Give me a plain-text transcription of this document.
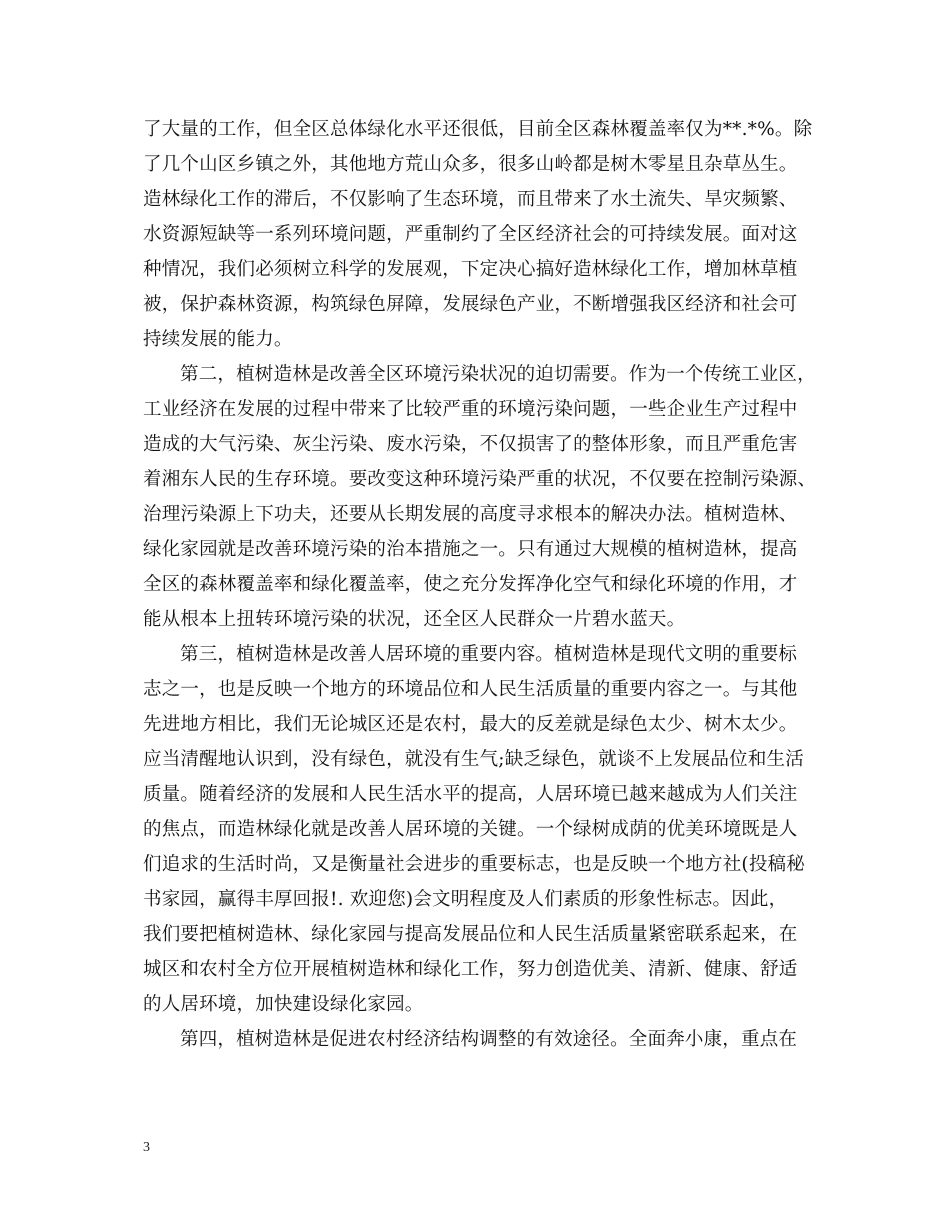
了大量的工作，但全区总体绿化水平还很低，目前全区森林覆盖率仅为**.*%。除
了几个山区乡镇之外，其他地方荒山众多，很多山岭都是树木零星且杂草丛生。
造林绿化工作的滞后，不仅影响了生态环境，而且带来了水土流失、旱灾频繁、
水资源短缺等一系列环境问题，严重制约了全区经济社会的可持续发展。面对这
种情况，我们必须树立科学的发展观，下定决心搞好造林绿化工作，增加林草植
被，保护森林资源，构筑绿色屏障，发展绿色产业，不断增强我区经济和社会可
持续发展的能力。
第二，植树造林是改善全区环境污染状况的迫切需要。作为一个传统工业区，
工业经济在发展的过程中带来了比较严重的环境污染问题，一些企业生产过程中
造成的大气污染、灰尘污染、废水污染，不仅损害了的整体形象，而且严重危害
着湘东人民的生存环境。要改变这种环境污染严重的状况，不仅要在控制污染源、
治理污染源上下功夫，还要从长期发展的高度寻求根本的解决办法。植树造林、
绿化家园就是改善环境污染的治本措施之一。只有通过大规模的植树造林，提高
全区的森林覆盖率和绿化覆盖率，使之充分发挥净化空气和绿化环境的作用，才
能从根本上扭转环境污染的状况，还全区人民群众一片碧水蓝天。
第三，植树造林是改善人居环境的重要内容。植树造林是现代文明的重要标
志之一，也是反映一个地方的环境品位和人民生活质量的重要内容之一。与其他
先进地方相比，我们无论城区还是农村，最大的反差就是绿色太少、树木太少。
应当清醒地认识到，没有绿色，就没有生气;缺乏绿色，就谈不上发展品位和生活
质量。随着经济的发展和人民生活水平的提高，人居环境已越来越成为人们关注
的焦点，而造林绿化就是改善人居环境的关键。一个绿树成荫的优美环境既是人
们追求的生活时尚，又是衡量社会进步的重要标志，也是反映一个地方社(投稿秘
书家园，赢得丰厚回报!. 欢迎您)会文明程度及人们素质的形象性标志。因此，
我们要把植树造林、绿化家园与提高发展品位和人民生活质量紧密联系起来，在
城区和农村全方位开展植树造林和绿化工作，努力创造优美、清新、健康、舒适
的人居环境，加快建设绿化家园。
第四，植树造林是促进农村经济结构调整的有效途径。全面奔小康，重点在
3
